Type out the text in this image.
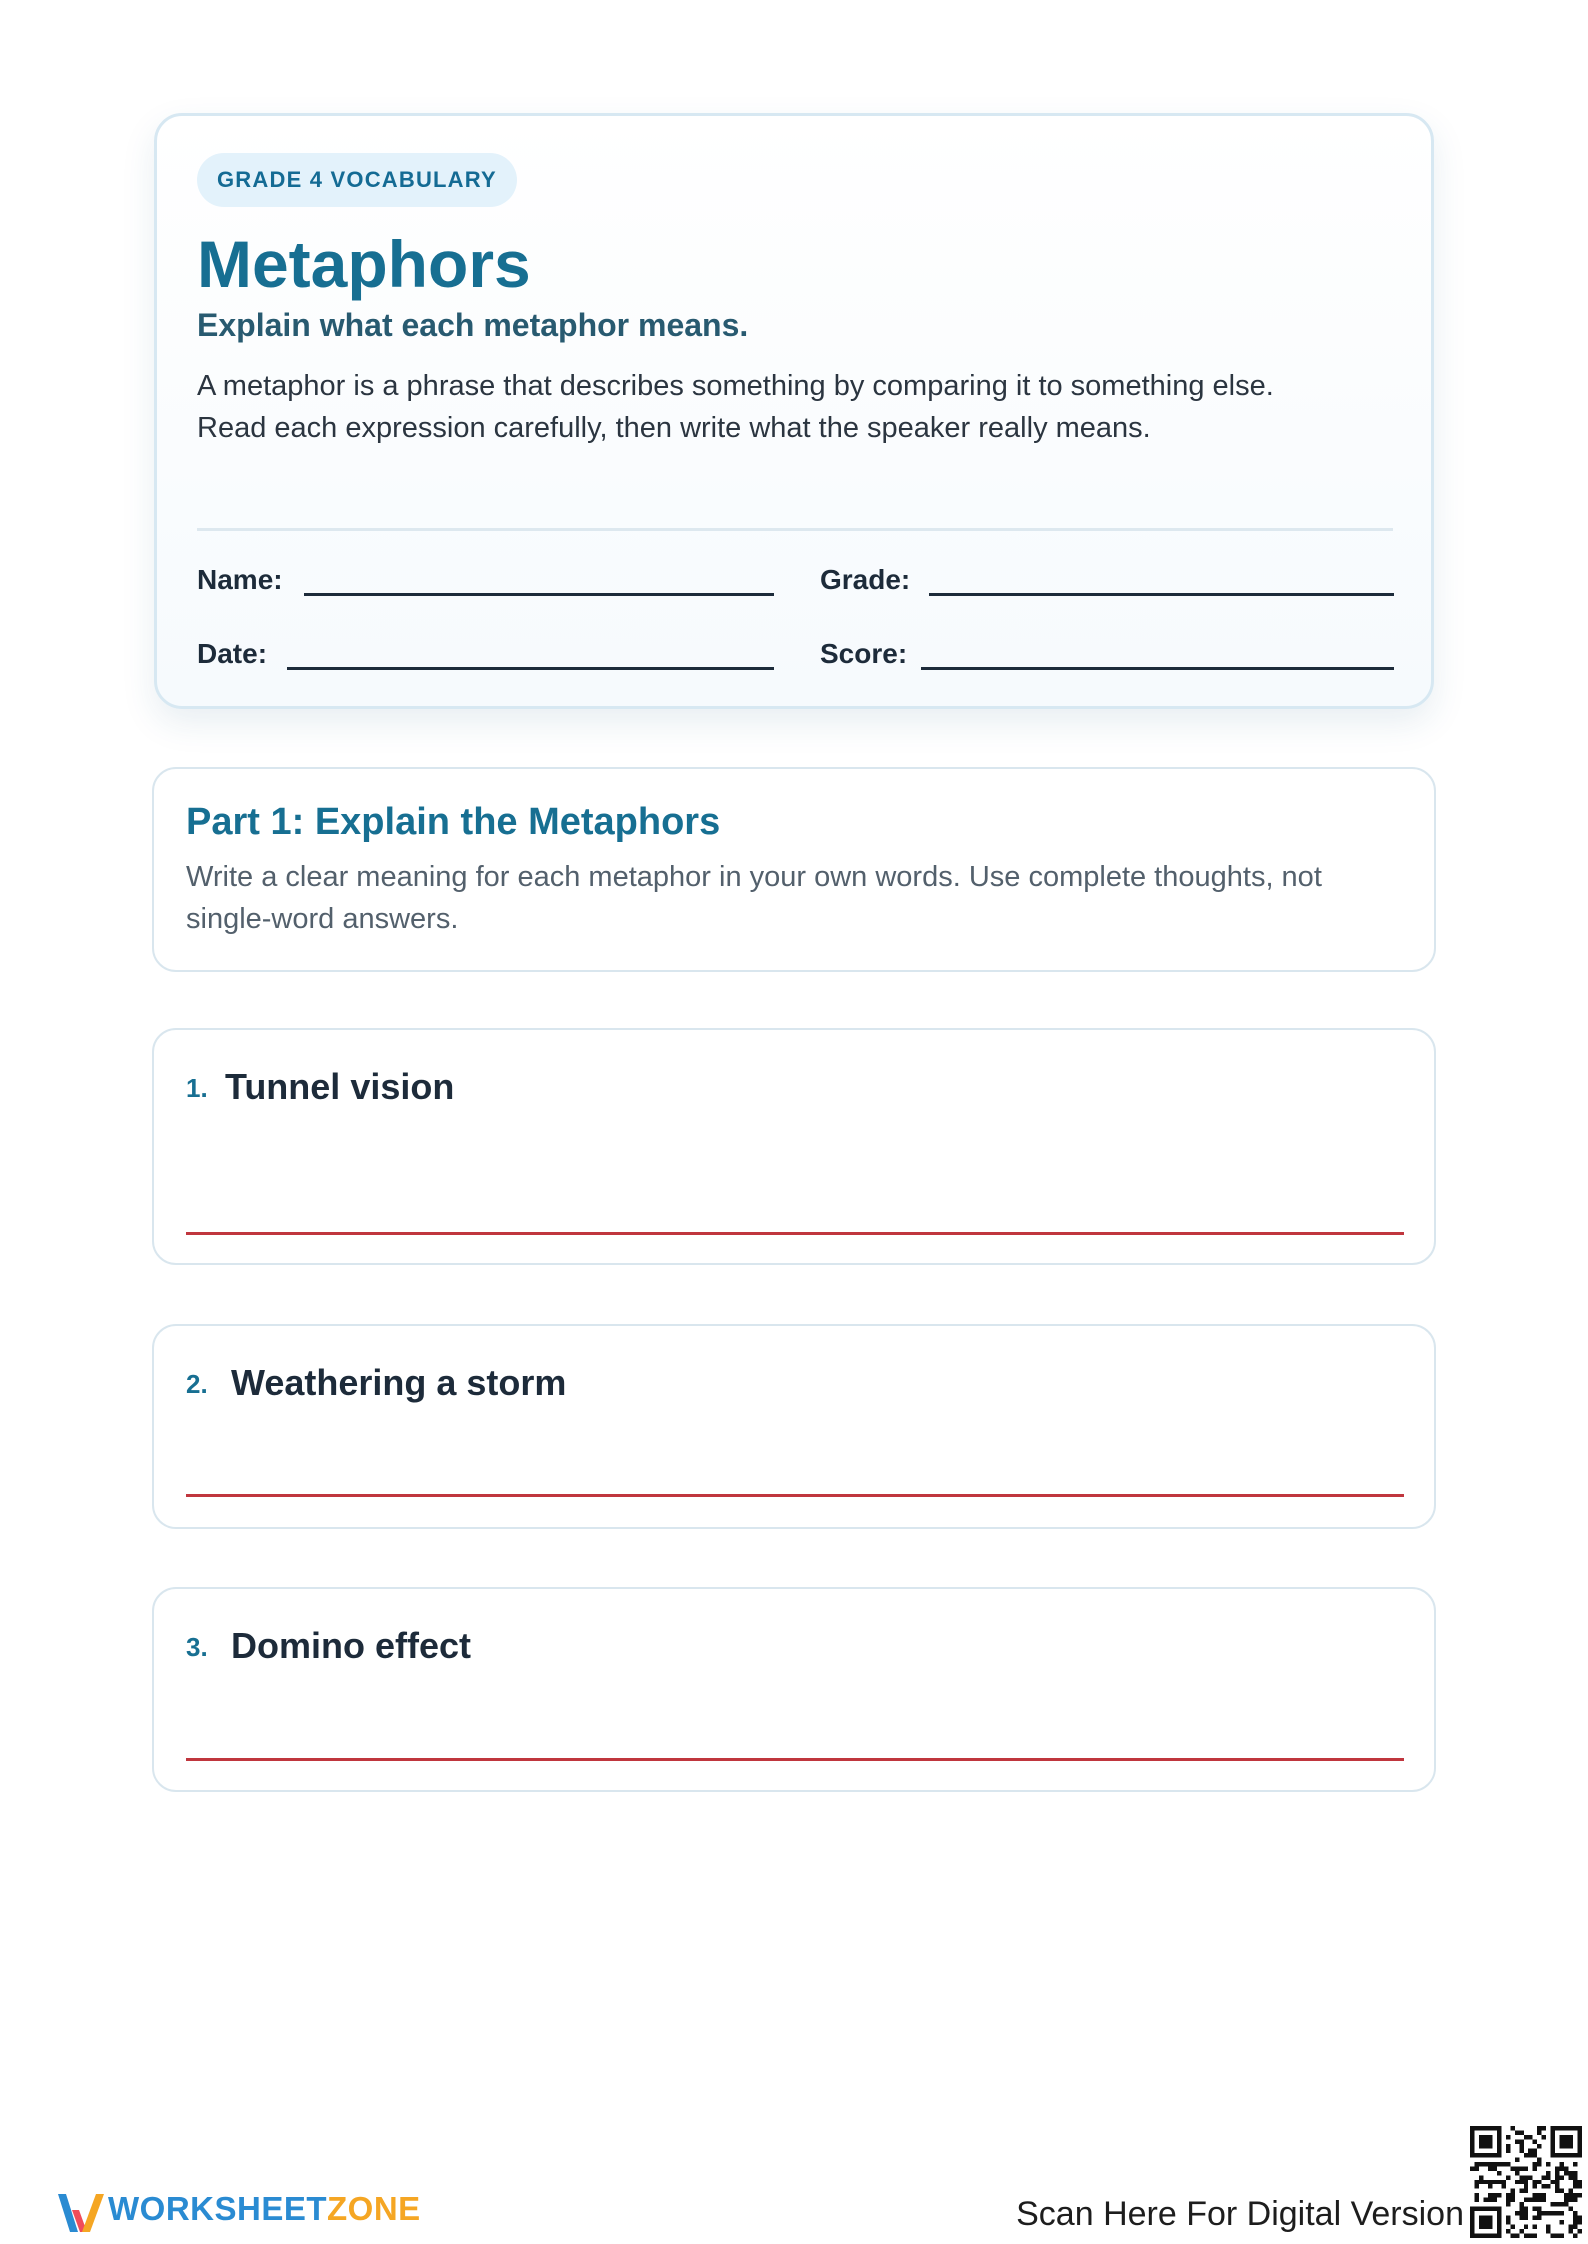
GRADE 4 VOCABULARY
Metaphors
Explain what each metaphor means.
A metaphor is a phrase that describes something by comparing it to something else. Read each expression carefully, then write what the speaker really means.
Name:	Grade:
Date:	Score:
Part 1: Explain the Metaphors
Write a clear meaning for each metaphor in your own words. Use complete thoughts, not single-word answers.
1. Tunnel vision
2. Weathering a storm
3. Domino effect
WORKSHEETZONE	Scan Here For Digital Version
